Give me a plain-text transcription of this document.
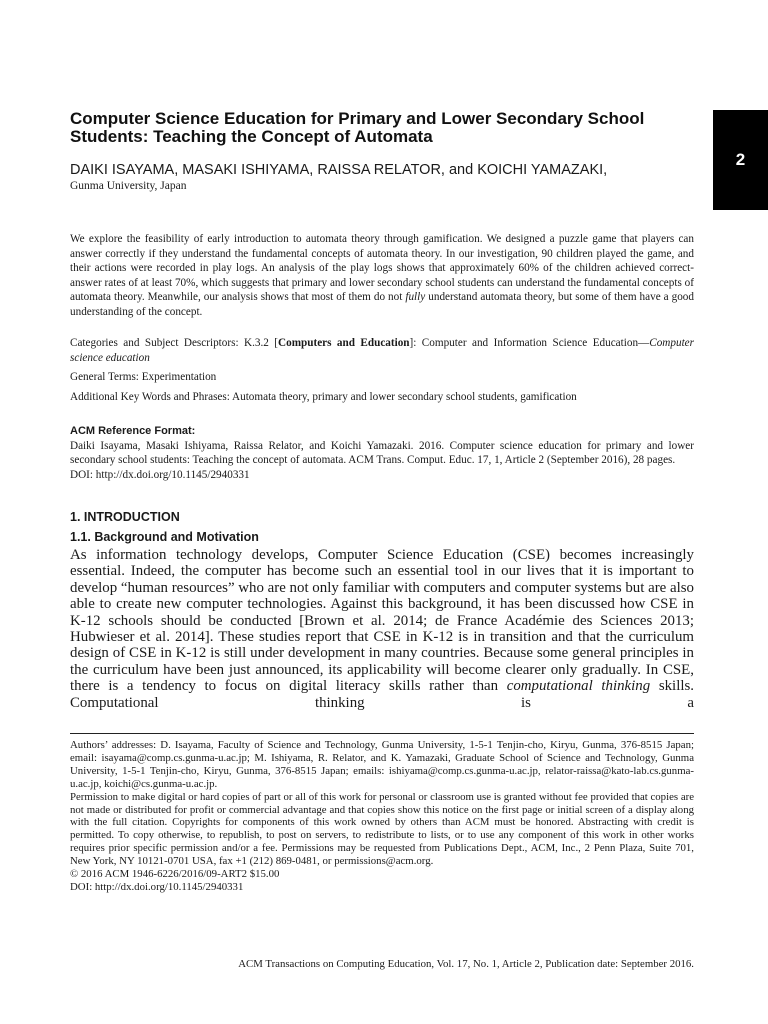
2
Computer Science Education for Primary and Lower Secondary School Students: Teaching the Concept of Automata
DAIKI ISAYAMA, MASAKI ISHIYAMA, RAISSA RELATOR, and KOICHI YAMAZAKI,
Gunma University, Japan

We explore the feasibility of early introduction to automata theory through gamification. We designed a puzzle game that players can answer correctly if they understand the fundamental concepts of automata theory. In our investigation, 90 children played the game, and their actions were recorded in play logs. An analysis of the play logs shows that approximately 60% of the children achieved correct-answer rates of at least 70%, which suggests that primary and lower secondary school students can understand the fundamental concepts of automata theory. Meanwhile, our analysis shows that most of them do not fully understand automata theory, but some of them have a good understanding of the concept.

Categories and Subject Descriptors: K.3.2 [Computers and Education]: Computer and Information Science Education—Computer science education

General Terms: Experimentation

Additional Key Words and Phrases: Automata theory, primary and lower secondary school students, gamification

ACM Reference Format:
Daiki Isayama, Masaki Ishiyama, Raissa Relator, and Koichi Yamazaki. 2016. Computer science education for primary and lower secondary school students: Teaching the concept of automata. ACM Trans. Comput. Educ. 17, 1, Article 2 (September 2016), 28 pages.
DOI: http://dx.doi.org/10.1145/2940331
1. INTRODUCTION
1.1. Background and Motivation

As information technology develops, Computer Science Education (CSE) becomes increasingly essential. Indeed, the computer has become such an essential tool in our lives that it is important to develop “human resources” who are not only familiar with computers and computer systems but are also able to create new computer technologies. Against this background, it has been discussed how CSE in K-12 schools should be conducted [Brown et al. 2014; de France Académie des Sciences 2013; Hubwieser et al. 2014]. These studies report that CSE in K-12 is in transition and that the curriculum design of CSE in K-12 is still under development in many countries. Because some general principles in the curriculum have been just announced, its applicability will become clearer only gradually. In CSE, there is a tendency to focus on digital literacy skills rather than computational thinking skills. Computational thinking is a

Authors’ addresses: D. Isayama, Faculty of Science and Technology, Gunma University, 1-5-1 Tenjin-cho, Kiryu, Gunma, 376-8515 Japan; email: isayama@comp.cs.gunma-u.ac.jp; M. Ishiyama, R. Relator, and K. Yamazaki, Graduate School of Science and Technology, Gunma University, 1-5-1 Tenjin-cho, Kiryu, Gunma, 376-8515 Japan; emails: ishiyama@comp.cs.gunma-u.ac.jp, relator-raissa@kato-lab.cs.gunma-u.ac.jp, koichi@cs.gunma-u.ac.jp.

Permission to make digital or hard copies of part or all of this work for personal or classroom use is granted without fee provided that copies are not made or distributed for profit or commercial advantage and that copies show this notice on the first page or initial screen of a display along with the full citation. Copyrights for components of this work owned by others than ACM must be honored. Abstracting with credit is permitted. To copy otherwise, to republish, to post on servers, to redistribute to lists, or to use any component of this work in other works requires prior specific permission and/or a fee. Permissions may be requested from Publications Dept., ACM, Inc., 2 Penn Plaza, Suite 701, New York, NY 10121-0701 USA, fax +1 (212) 869-0481, or permissions@acm.org.

© 2016 ACM 1946-6226/2016/09-ART2 $15.00

DOI: http://dx.doi.org/10.1145/2940331

ACM Transactions on Computing Education, Vol. 17, No. 1, Article 2, Publication date: September 2016.
